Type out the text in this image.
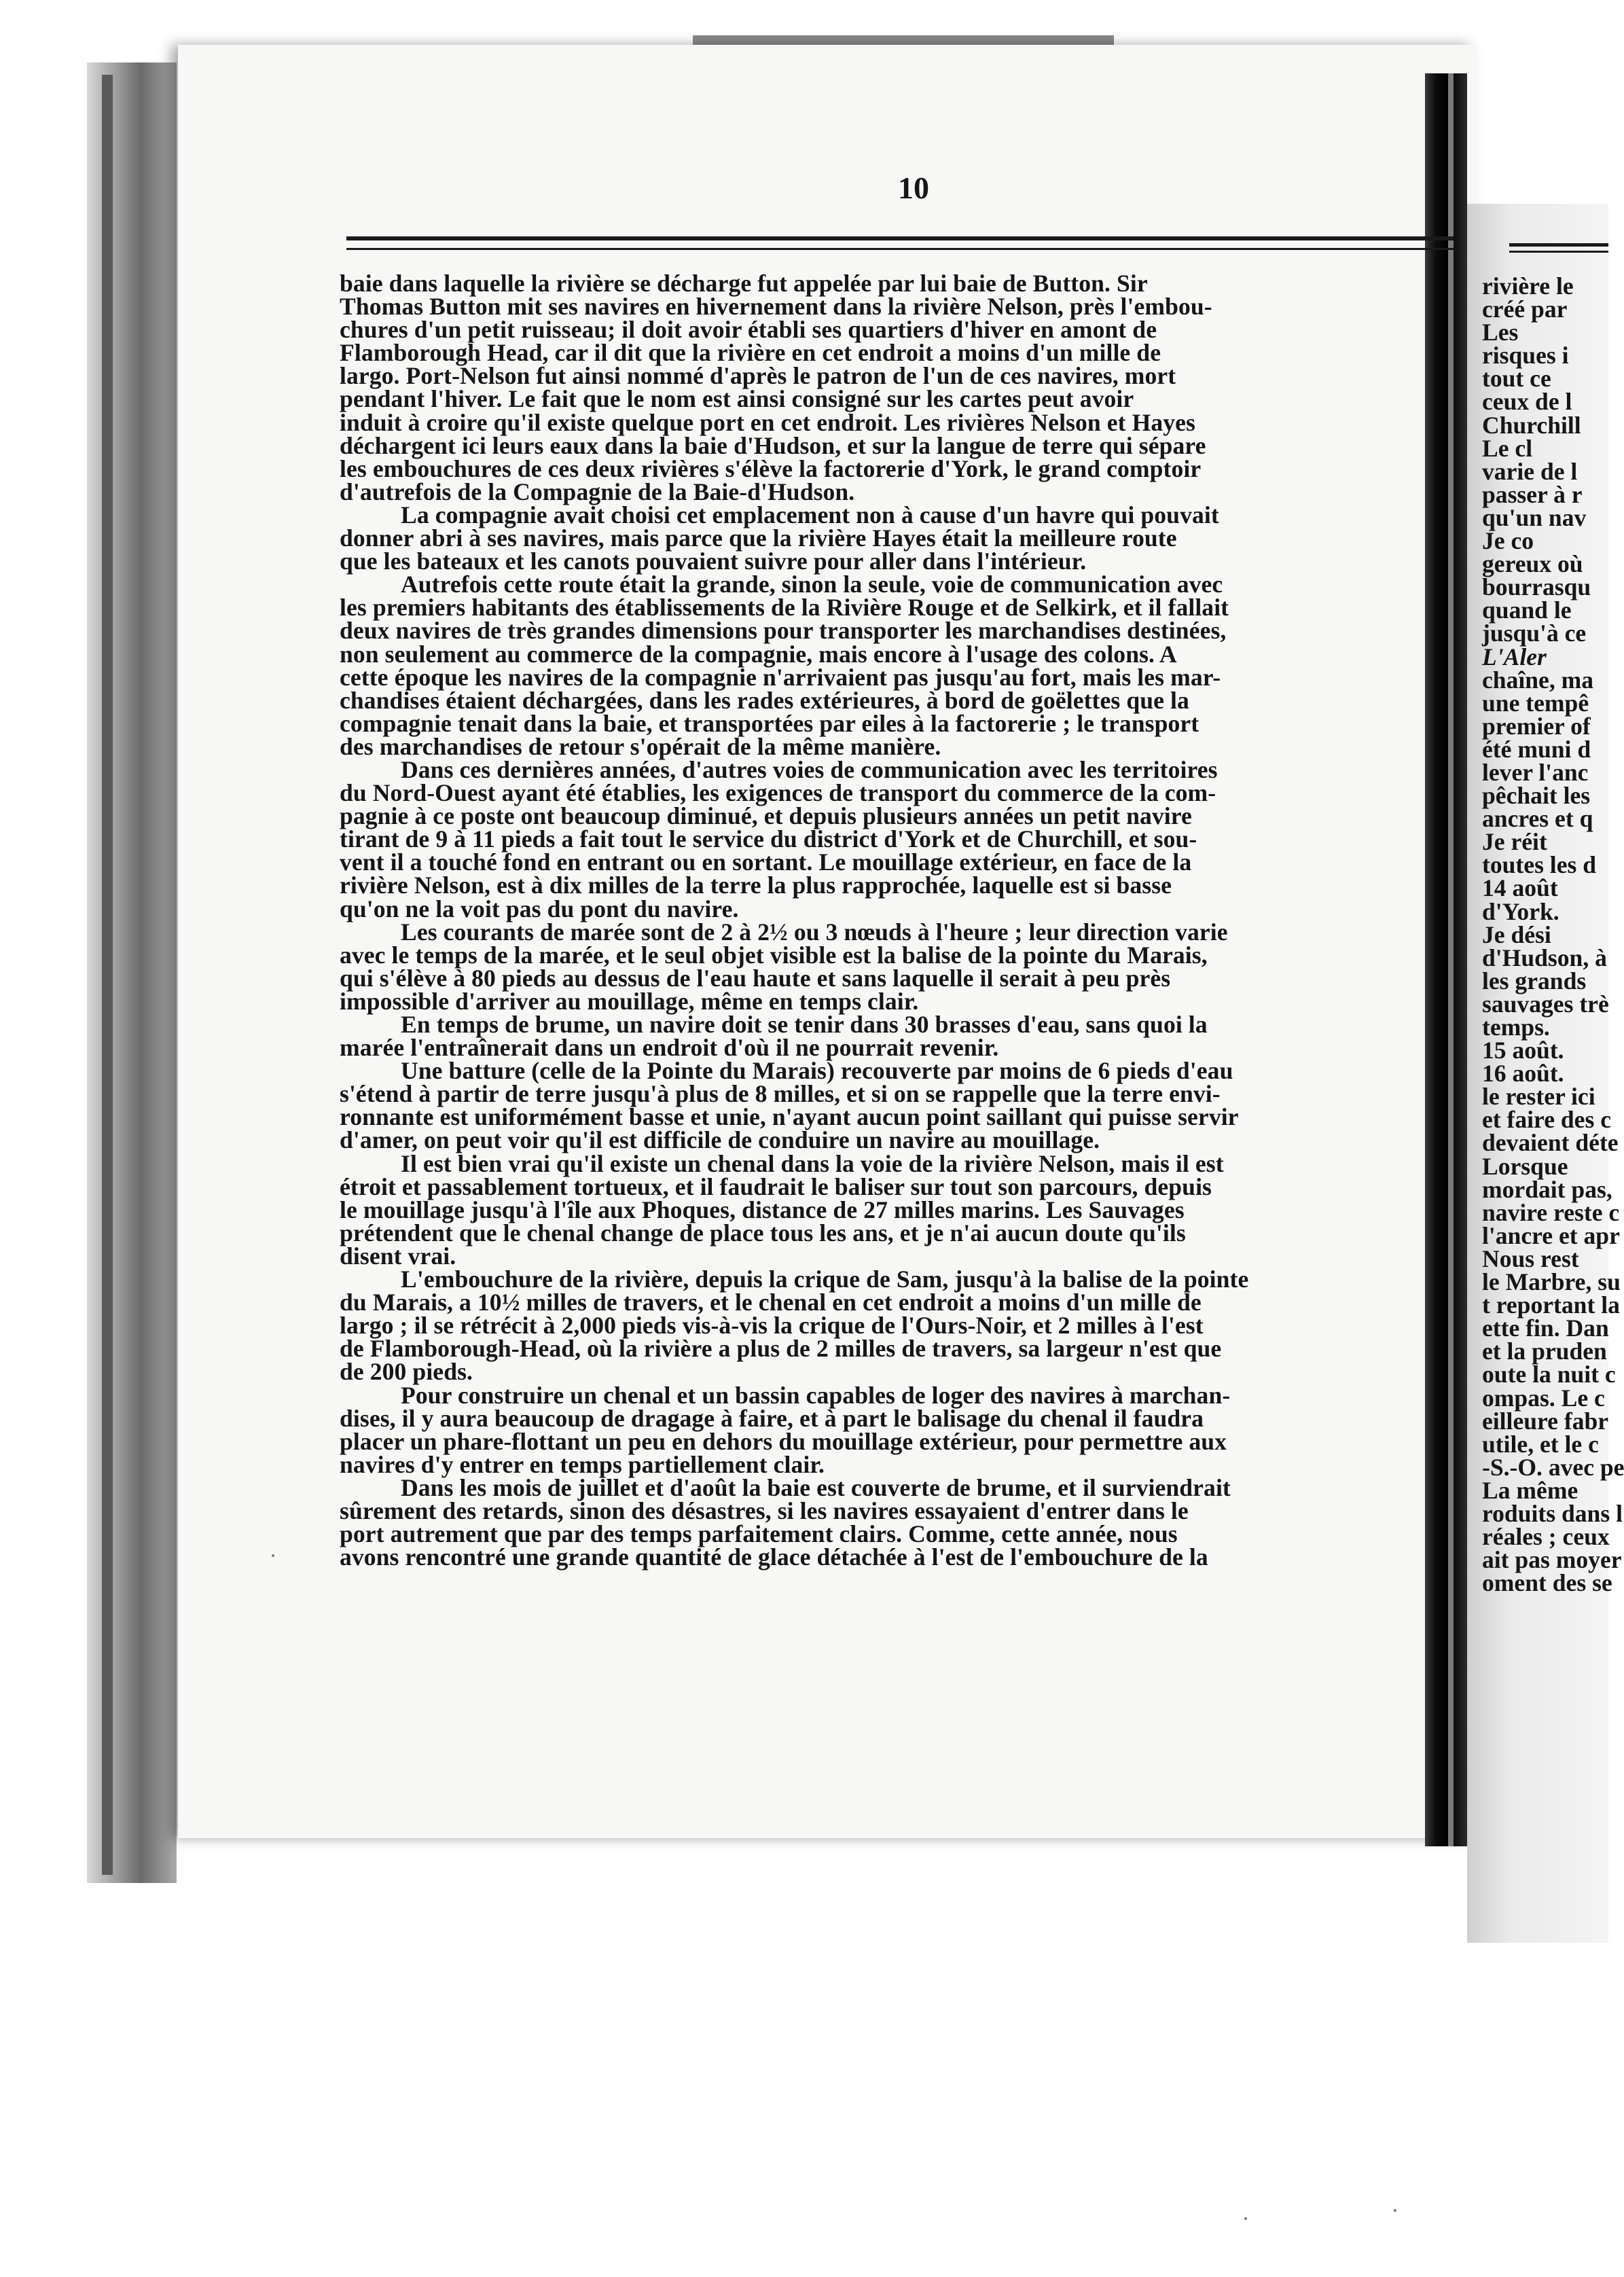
10
baie dans laquelle la rivière se décharge fut appelée par lui baie de Button. Sir
Thomas Button mit ses navires en hivernement dans la rivière Nelson, près l'embou-
chures d'un petit ruisseau; il doit avoir établi ses quartiers d'hiver en amont de
Flamborough Head, car il dit que la rivière en cet endroit a moins d'un mille de
largo. Port-Nelson fut ainsi nommé d'après le patron de l'un de ces navires, mort
pendant l'hiver. Le fait que le nom est ainsi consigné sur les cartes peut avoir
induit à croire qu'il existe quelque port en cet endroit. Les rivières Nelson et Hayes
déchargent ici leurs eaux dans la baie d'Hudson, et sur la langue de terre qui sépare
les embouchures de ces deux rivières s'élève la factorerie d'York, le grand comptoir
d'autrefois de la Compagnie de la Baie-d'Hudson.
La compagnie avait choisi cet emplacement non à cause d'un havre qui pouvait
donner abri à ses navires, mais parce que la rivière Hayes était la meilleure route
que les bateaux et les canots pouvaient suivre pour aller dans l'intérieur.
Autrefois cette route était la grande, sinon la seule, voie de communication avec
les premiers habitants des établissements de la Rivière Rouge et de Selkirk, et il fallait
deux navires de très grandes dimensions pour transporter les marchandises destinées,
non seulement au commerce de la compagnie, mais encore à l'usage des colons. A
cette époque les navires de la compagnie n'arrivaient pas jusqu'au fort, mais les mar-
chandises étaient déchargées, dans les rades extérieures, à bord de goëlettes que la
compagnie tenait dans la baie, et transportées par eiles à la factorerie ; le transport
des marchandises de retour s'opérait de la même manière.
Dans ces dernières années, d'autres voies de communication avec les territoires
du Nord-Ouest ayant été établies, les exigences de transport du commerce de la com-
pagnie à ce poste ont beaucoup diminué, et depuis plusieurs années un petit navire
tirant de 9 à 11 pieds a fait tout le service du district d'York et de Churchill, et sou-
vent il a touché fond en entrant ou en sortant. Le mouillage extérieur, en face de la
rivière Nelson, est à dix milles de la terre la plus rapprochée, laquelle est si basse
qu'on ne la voit pas du pont du navire.
Les courants de marée sont de 2 à 2½ ou 3 nœuds à l'heure ; leur direction varie
avec le temps de la marée, et le seul objet visible est la balise de la pointe du Marais,
qui s'élève à 80 pieds au dessus de l'eau haute et sans laquelle il serait à peu près
impossible d'arriver au mouillage, même en temps clair.
En temps de brume, un navire doit se tenir dans 30 brasses d'eau, sans quoi la
marée l'entraînerait dans un endroit d'où il ne pourrait revenir.
Une batture (celle de la Pointe du Marais) recouverte par moins de 6 pieds d'eau
s'étend à partir de terre jusqu'à plus de 8 milles, et si on se rappelle que la terre envi-
ronnante est uniformément basse et unie, n'ayant aucun point saillant qui puisse servir
d'amer, on peut voir qu'il est difficile de conduire un navire au mouillage.
Il est bien vrai qu'il existe un chenal dans la voie de la rivière Nelson, mais il est
étroit et passablement tortueux, et il faudrait le baliser sur tout son parcours, depuis
le mouillage jusqu'à l'île aux Phoques, distance de 27 milles marins. Les Sauvages
prétendent que le chenal change de place tous les ans, et je n'ai aucun doute qu'ils
disent vrai.
L'embouchure de la rivière, depuis la crique de Sam, jusqu'à la balise de la pointe
du Marais, a 10½ milles de travers, et le chenal en cet endroit a moins d'un mille de
largo ; il se rétrécit à 2,000 pieds vis-à-vis la crique de l'Ours-Noir, et 2 milles à l'est
de Flamborough-Head, où la rivière a plus de 2 milles de travers, sa largeur n'est que
de 200 pieds.
Pour construire un chenal et un bassin capables de loger des navires à marchan-
dises, il y aura beaucoup de dragage à faire, et à part le balisage du chenal il faudra
placer un phare-flottant un peu en dehors du mouillage extérieur, pour permettre aux
navires d'y entrer en temps partiellement clair.
Dans les mois de juillet et d'août la baie est couverte de brume, et il surviendrait
sûrement des retards, sinon des désastres, si les navires essayaient d'entrer dans le
port autrement que par des temps parfaitement clairs. Comme, cette année, nous
avons rencontré une grande quantité de glace détachée à l'est de l'embouchure de la
rivière le
créé par
Les
risques i
tout ce
ceux de l
Churchill
Le cl
varie de l
passer à r
qu'un nav
Je co
gereux où
bourrasqu
quand le
jusqu'à ce
L'Aler
chaîne, ma
une tempê
premier of
été muni d
lever l'anc
pêchait les
ancres et q
Je réit
toutes les d
14 août
d'York.
Je dési
d'Hudson, à
les grands
sauvages trè
temps.
15 août.
16 août.
le rester ici
et faire des c
devaient déte
Lorsque
mordait pas,
navire reste c
l'ancre et apr
Nous rest
le Marbre, su
t reportant la
ette fin. Dan
et la pruden
oute la nuit c
ompas. Le c
eilleure fabr
utile, et le c
-S.-O. avec pe
La même
roduits dans l
réales ; ceux
ait pas moyer
oment des se
